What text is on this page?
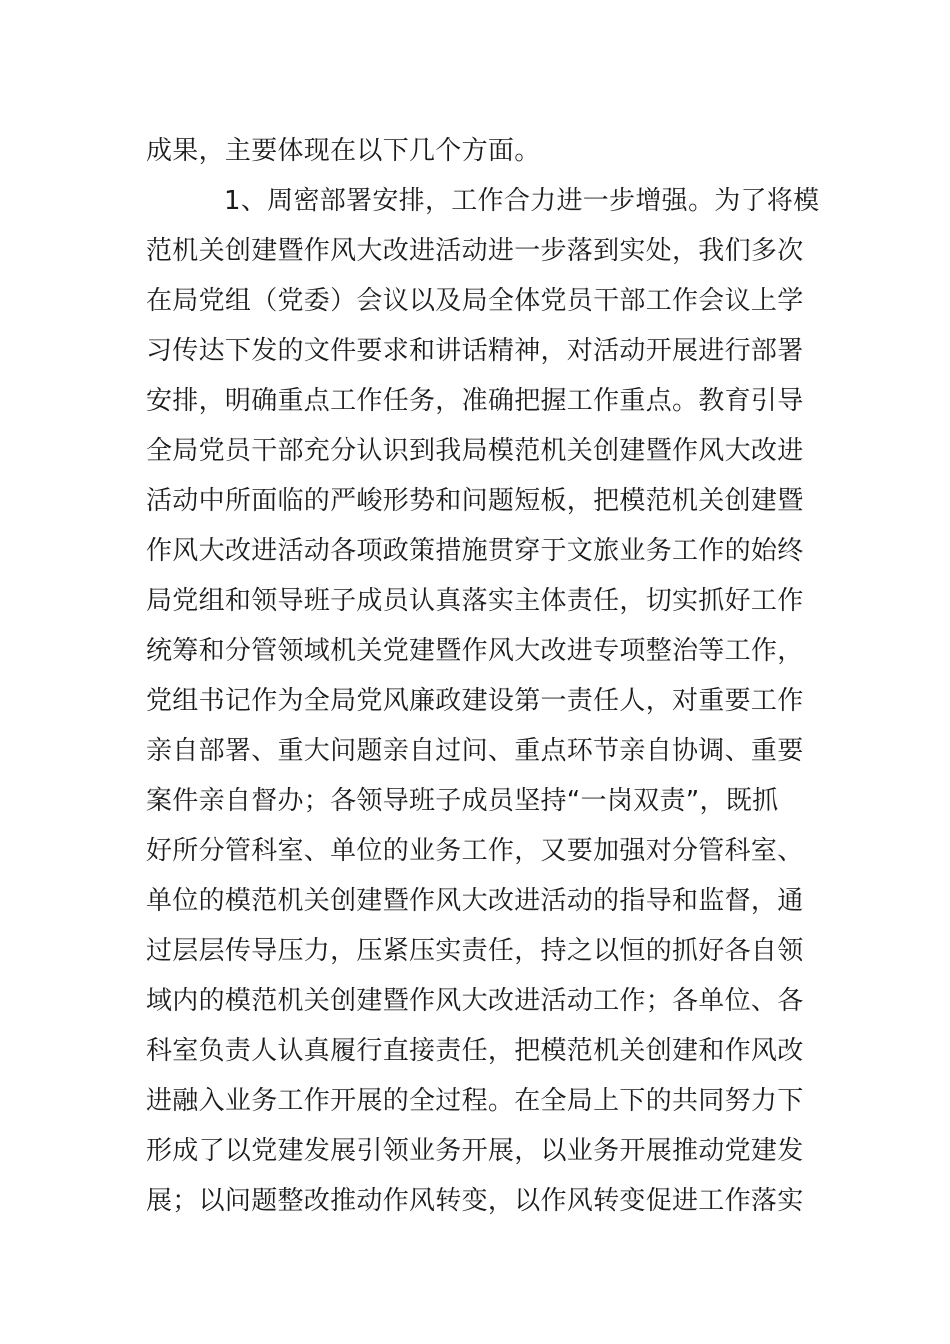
成果，主要体现在以下几个方面。
1、周密部署安排，工作合力进一步增强。为了将模
范机关创建暨作风大改进活动进一步落到实处，我们多次
在局党组（党委）会议以及局全体党员干部工作会议上学
习传达下发的文件要求和讲话精神，对活动开展进行部署
安排，明确重点工作任务，准确把握工作重点。教育引导
全局党员干部充分认识到我局模范机关创建暨作风大改进
活动中所面临的严峻形势和问题短板，把模范机关创建暨
作风大改进活动各项政策措施贯穿于文旅业务工作的始终
局党组和领导班子成员认真落实主体责任，切实抓好工作
统筹和分管领域机关党建暨作风大改进专项整治等工作，
党组书记作为全局党风廉政建设第一责任人，对重要工作
亲自部署、重大问题亲自过问、重点环节亲自协调、重要
案件亲自督办；各领导班子成员坚持“一岗双责”，既抓
好所分管科室、单位的业务工作，又要加强对分管科室、
单位的模范机关创建暨作风大改进活动的指导和监督，通
过层层传导压力，压紧压实责任，持之以恒的抓好各自领
域内的模范机关创建暨作风大改进活动工作；各单位、各
科室负责人认真履行直接责任，把模范机关创建和作风改
进融入业务工作开展的全过程。在全局上下的共同努力下
形成了以党建发展引领业务开展，以业务开展推动党建发
展；以问题整改推动作风转变，以作风转变促进工作落实
